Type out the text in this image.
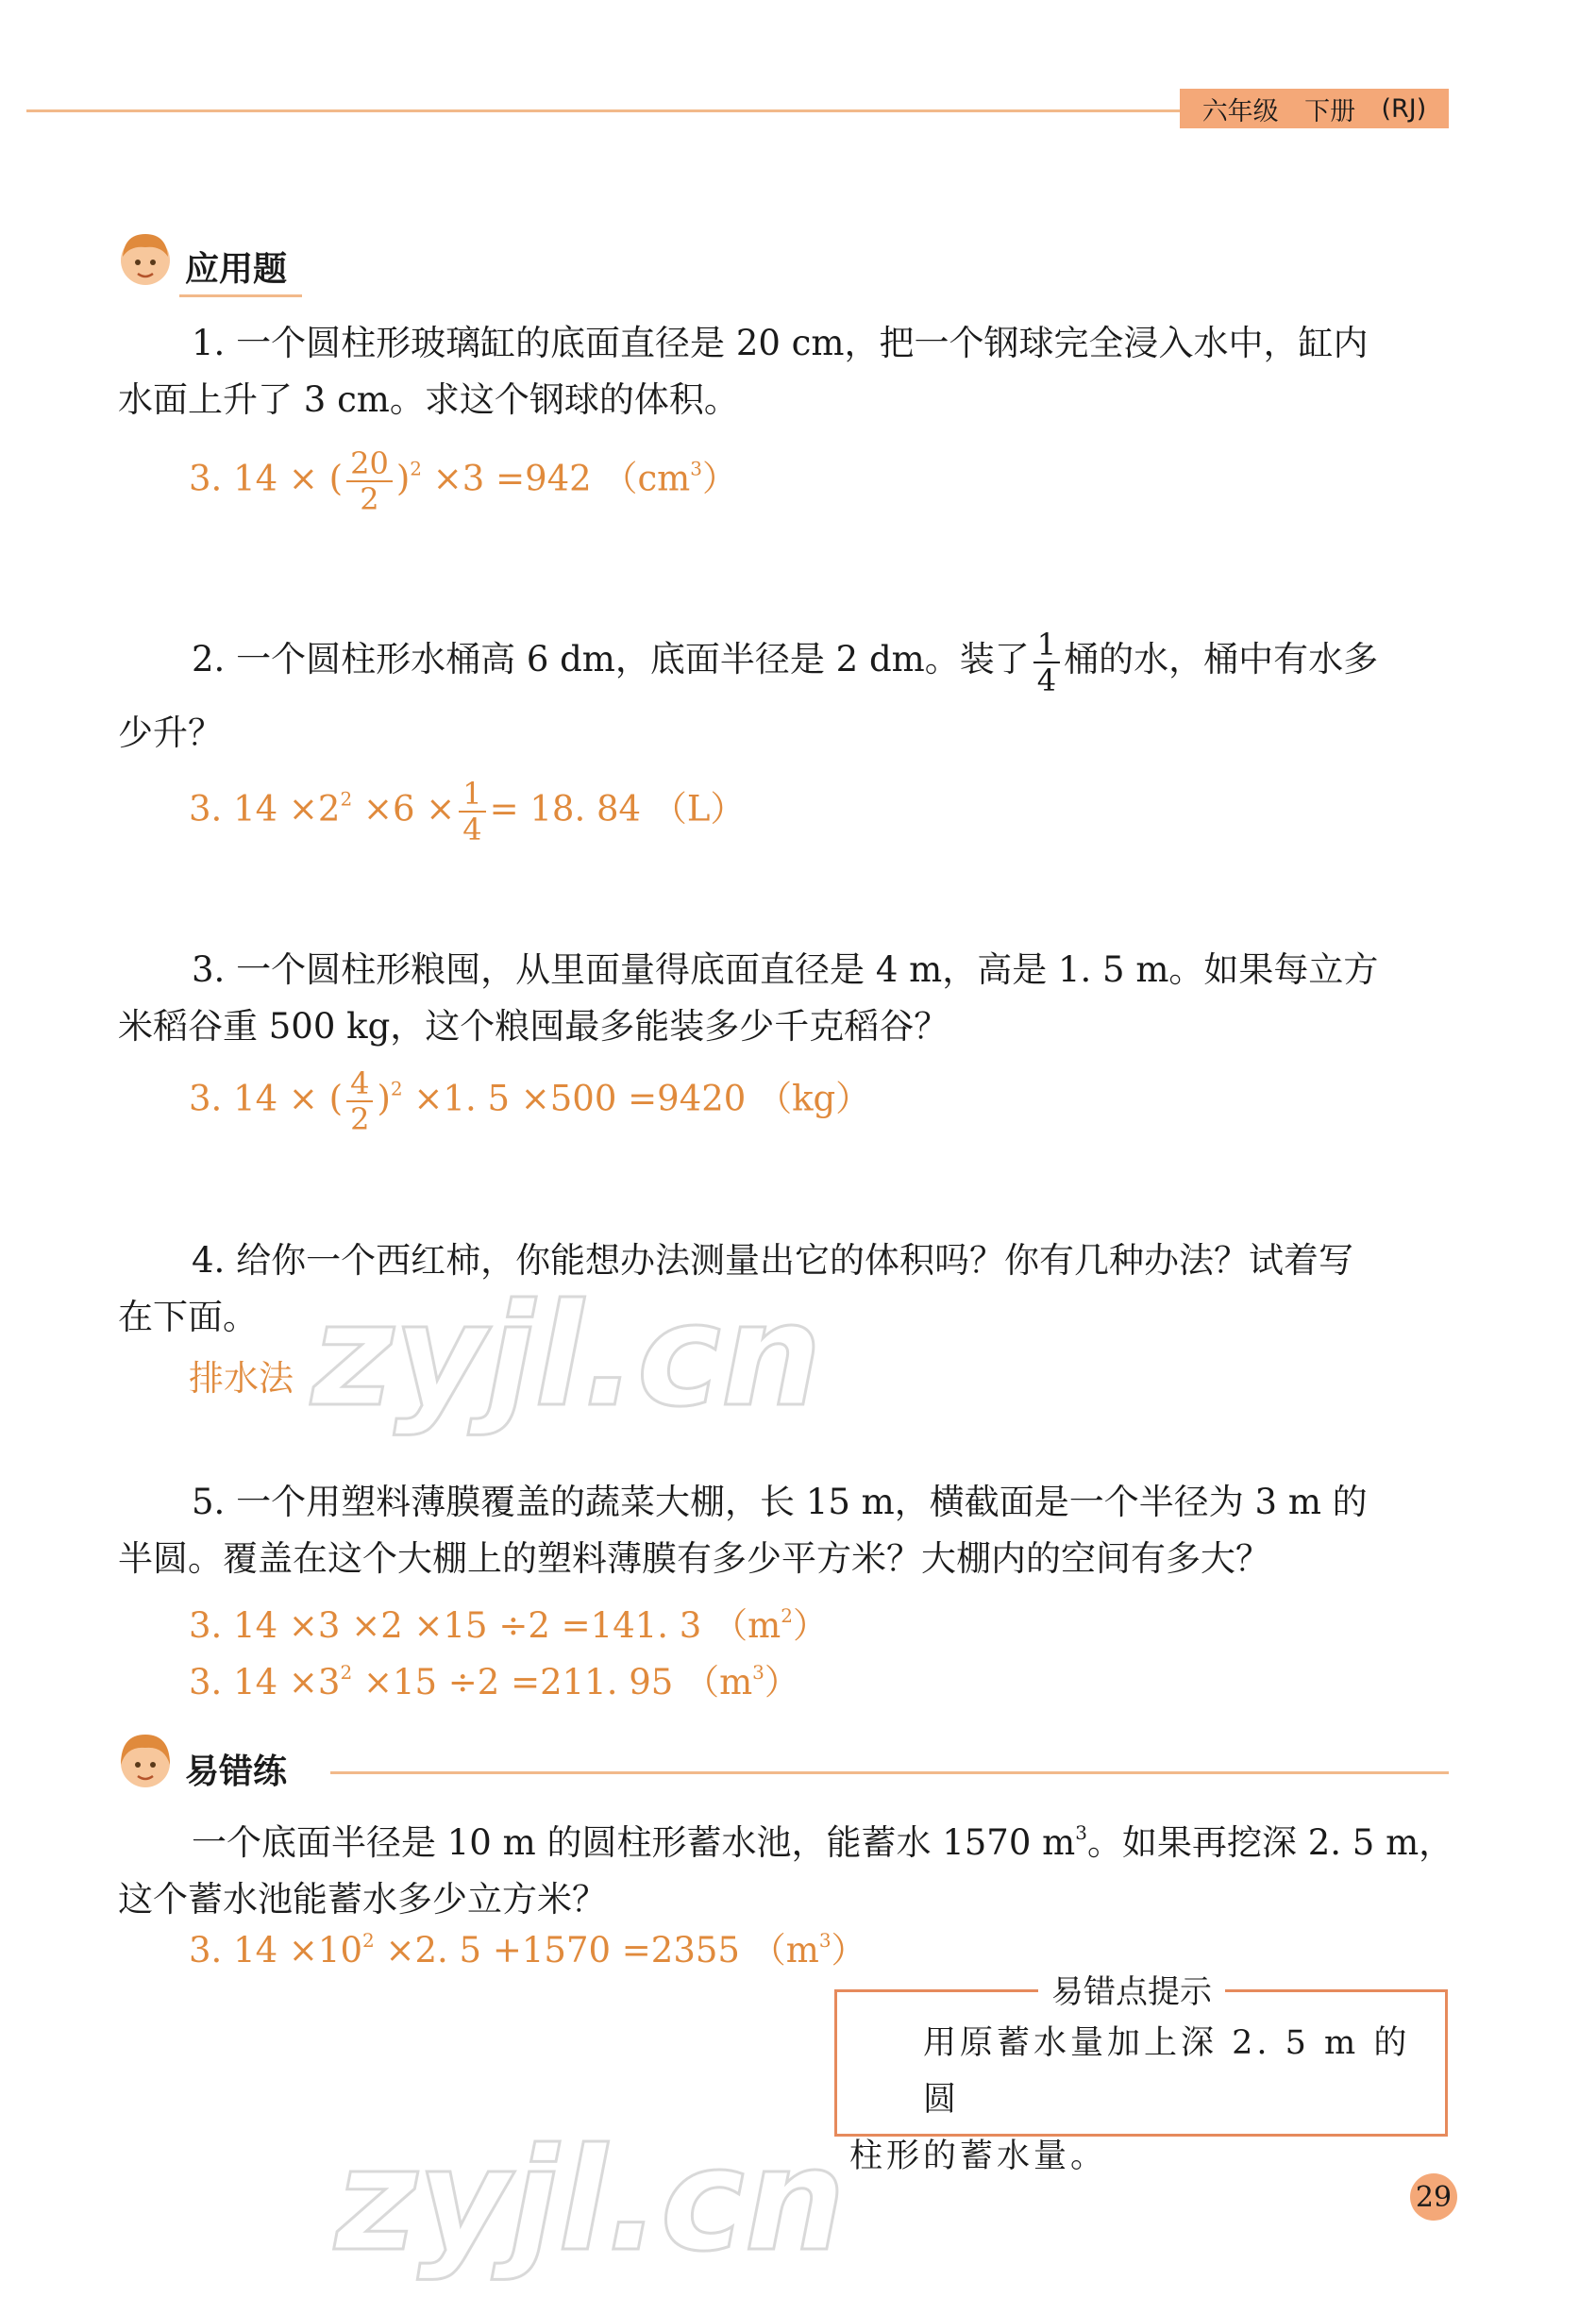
六年级 下册 (RJ)
应用题
1. 一个圆柱形玻璃缸的底面直径是 20 cm，把一个钢球完全浸入水中，缸内
水面上升了 3 cm。求这个钢球的体积。
3. 14 × ( $\frac{20}{2} )^2 \times 3 =942$ $(cm^3)$
2. 一个圆柱形水桶高 6 dm，底面半径是 2 dm。装了 $\frac{1}{4}$ 桶的水，桶中有水多
少升？
3. $14 \times 2^2 \times 6 \times \frac{1}{4} = 18$. 84 （L）
3. 一个圆柱形粮囤，从里面量得底面直径是 4 m，高是 1. 5 m。如果每立方
米稻谷重 500 kg，这个粮囤最多能装多少千克稻谷？
3. 14 × ( $\frac{4}{2} )^2 \times 1$. 5 ×500 =9420 （kg）
4. 给你一个西红柿，你能想办法测量出它的体积吗？你有几种办法？试着写
在下面。
排水法 zyjl.cn
5. 一个用塑料薄膜覆盖的蔬菜大棚，长 15 m，横截面是一个半径为 3 m 的
半圆。覆盖在这个大棚上的塑料薄膜有多少平方米？大棚内的空间有多大？
3. 14 ×3 ×2 ×15 ÷2 =141. 3 $(m^2)$
3. $14 \times 3^2 \times 15 \div 2 =211$. 95 $(m^3)$
易错练
一个底面半径是 10 m 的圆柱形蓄水池，能蓄水 1570 $m^3$。如果再挖深 2. 5 m，
这个蓄水池能蓄水多少立方米？
3. $14 \times 10^2 \times 2$. 5 +1570 =2355 $(m^3)$
易错点提示
用原蓄水量加上深 2. 5 m 的圆
柱形的蓄水量。
zyjl.cn	29
